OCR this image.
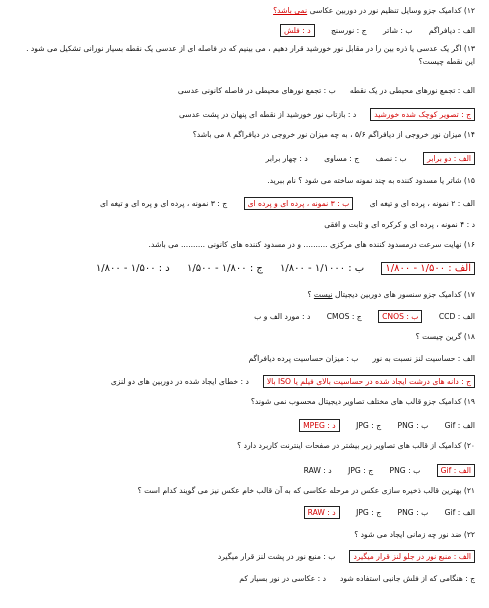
۱۲) کدامیک جزو وسایل تنظیم نور در دوربین عکاسی نمی باشد؟
الف : دیافراگم ب : شاتر ج : نورسنج د : فلش
۱۳) اگر یک عدسی یا ذره بین را در مقابل نور خورشید قرار دهیم ، می بینیم که در فاصله ای از عدسی یک نقطه بسیار نورانی تشکیل می شود .
این نقطه چیست؟
الف : تجمع نورهای محیطی در یک نقطهب : تجمع نورهای محیطی در فاصله کانونی عدسی
ج : تصویر کوچک شده خورشیدد : بازتاب نور خورشید از نقطه ای پنهان در پشت عدسی
۱۴) میزان نور خروجی از دیافراگم ۵/۶ ، به چه میزان نور خروجی در دیافراگم ۸ می باشد؟
الف : دو برابر ب : نصف ج : مساوی د : چهار برابر
۱۵) شاتر یا مسدود کننده به چند نمونه ساخته می شود ؟ نام ببرید.
الف : ۲ نمونه ، پرده ای و تیغه ای ب : ۳ نمونه ، پرده ای و پرده ای ج : ۳ نمونه ، پرده ای و پره ای و تیغه ای
د : ۴ نمونه ، پرده ای و کرکره ای و ثابت و افقی
۱۶) نهایت سرعت درمسدود کننده های مرکزی .......... و در مسدود کننده های کانونی .......... می باشد.
الف : ۱/۵۰۰ - ۱/۸۰۰ ب : ۱/۱۰۰۰ - ۱/۸۰۰ ج : ۱/۸۰۰ - ۱/۵۰۰ د : ۱/۵۰۰ - ۱/۸۰۰
۱۷) کدامیک جزو سنسور های دوربین دیجیتال نیست ؟
الف : CCD ب : CNOS ج : CMOS د : مورد الف و ب
۱۸) گرین چیست ؟
الف : حساسیت لنز نسبت به نورب : میزان حساسیت پرده دیافراگم
ج : دانه های درشت ایجاد شده در حساسیت بالای فیلم یا ISO بالاد : خطای ایجاد شده در دوربین های دو لنزی
۱۹) کدامیک جزو قالب های مختلف تصاویر دیجیتال محسوب نمی شوند؟
الف : Gif ب : PNG ج : JPG د : MPEG
۲۰) کدامیک از قالب های تصاویر زیر بیشتر در صفحات اینترنت کاربرد دارد ؟
الف : Gif ب : PNG ج : JPG د : RAW
۲۱) بهترین قالب ذخیره سازی عکس در مرحله عکاسی که به آن قالب خام عکس نیز می گویند کدام است ؟
الف : Gif ب : PNG ج : JPG د : RAW
۲۲) ضد نور چه زمانی ایجاد می شود ؟
الف : منبع نور در جلو لنز قرار میگیردب : منبع نور در پشت لنز قرار میگیرد
ج : هنگامی که از فلش جانبی استفاده شودد : عکاسی در نور بسیار کم
